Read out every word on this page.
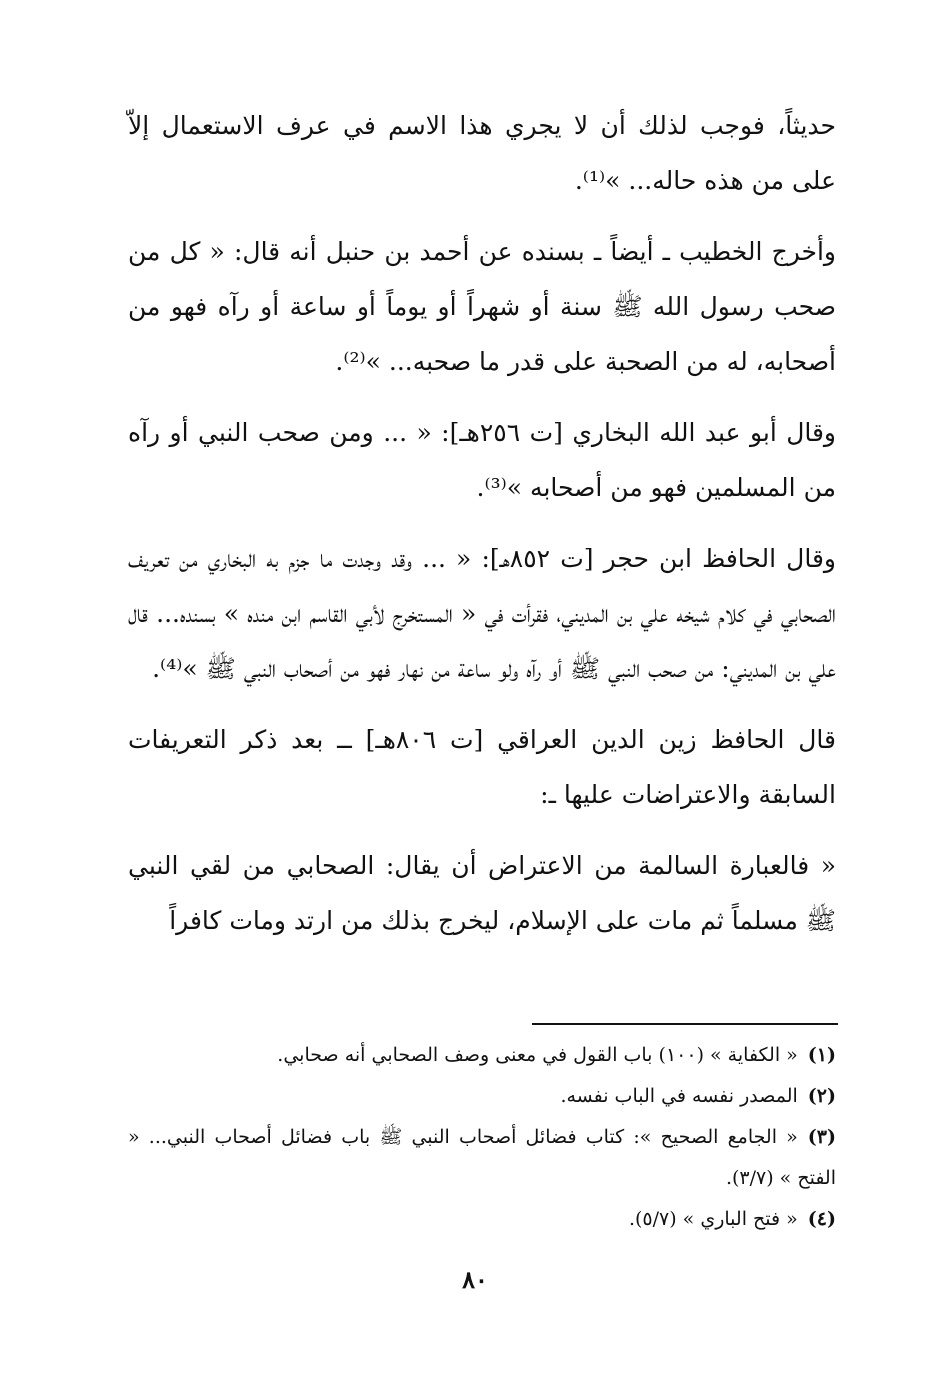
حديثاً، فوجب لذلك أن لا يجري هذا الاسم في عرف الاستعمال إلاّ على من هذه حاله... »⁽¹⁾.

وأخرج الخطيب ـ أيضاً ـ بسنده عن أحمد بن حنبل أنه قال: « كل من صحب رسول الله ﷺ سنة أو شهراً أو يوماً أو ساعة أو رآه فهو من أصحابه، له من الصحبة على قدر ما صحبه... »⁽²⁾.

وقال أبو عبد الله البخاري [ت ٢٥٦هـ]: « ... ومن صحب النبي أو رآه من المسلمين فهو من أصحابه »⁽³⁾.

وقال الحافظ ابن حجر [ت ٨٥٢هـ]: « ... وقد وجدت ما جزم به البخاري من تعريف الصحابي في كلام شيخه علي بن المديني، فقرأت في « المستخرج لأبي القاسم ابن منده » بسنده... قال علي بن المديني: من صحب النبي ﷺ أو رآه ولو ساعة من نهار فهو من أصحاب النبي ﷺ »⁽⁴⁾.

قال الحافظ زين الدين العراقي [ت ٨٠٦هـ] ــ بعد ذكر التعريفات السابقة والاعتراضات عليها ـ:

« فالعبارة السالمة من الاعتراض أن يقال: الصحابي من لقي النبي ﷺ مسلماً ثم مات على الإسلام، ليخرج بذلك من ارتد ومات كافراً

(١)« الكفاية » (١٠٠) باب القول في معنى وصف الصحابي أنه صحابي.

(٢)المصدر نفسه في الباب نفسه.

(٣)« الجامع الصحيح »: كتاب فضائل أصحاب النبي ﷺ باب فضائل أصحاب النبي... « الفتح » (٣/٧).

(٤)« فتح الباري » (٥/٧).

٨٠
